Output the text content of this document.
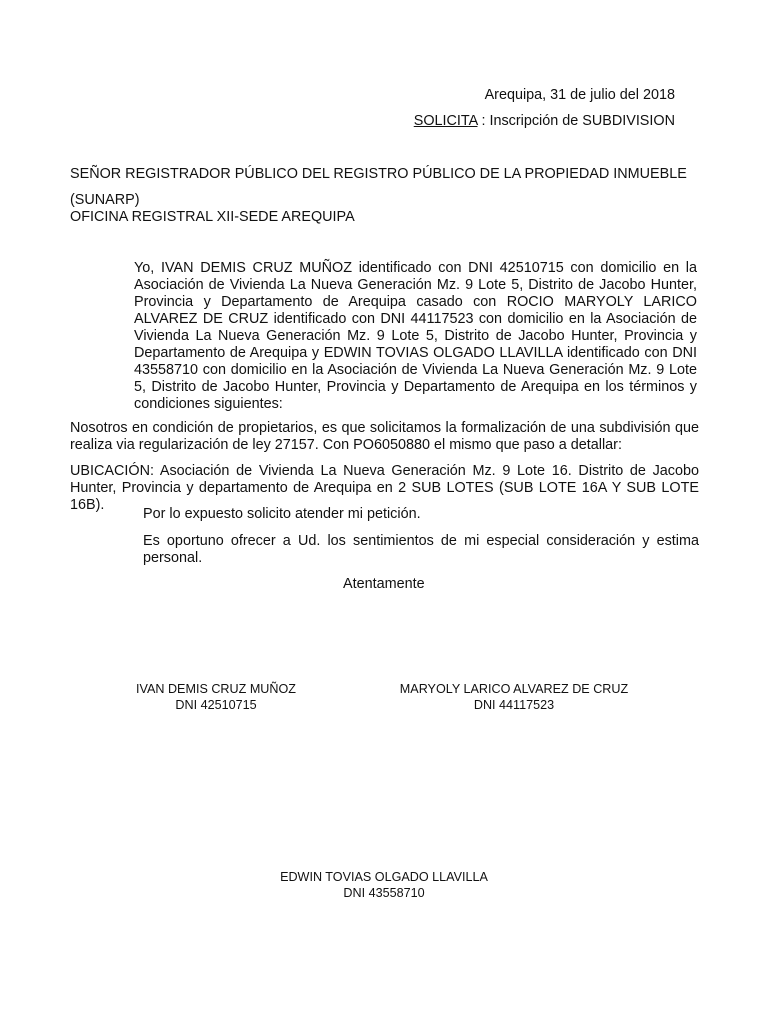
Arequipa, 31 de julio del 2018
SOLICITA : Inscripción de SUBDIVISION
SEÑOR REGISTRADOR PÚBLICO DEL REGISTRO PÚBLICO DE LA PROPIEDAD INMUEBLE
(SUNARP)
OFICINA REGISTRAL XII-SEDE AREQUIPA

Yo, IVAN DEMIS CRUZ MUÑOZ identificado con DNI 42510715 con domicilio en la Asociación de Vivienda La Nueva Generación Mz. 9 Lote 5, Distrito de Jacobo Hunter, Provincia y Departamento de Arequipa casado con ROCIO MARYOLY LARICO ALVAREZ DE CRUZ identificado con DNI 44117523 con domicilio en la Asociación de Vivienda La Nueva Generación Mz. 9 Lote 5, Distrito de Jacobo Hunter, Provincia y Departamento de Arequipa y EDWIN TOVIAS OLGADO LLAVILLA identificado con DNI 43558710 con domicilio en la Asociación de Vivienda La Nueva Generación Mz. 9 Lote 5, Distrito de Jacobo Hunter, Provincia y Departamento de Arequipa en los términos y condiciones siguientes:

Nosotros en condición de propietarios, es que solicitamos la formalización de una subdivisión que realiza via regularización de ley 27157. Con PO6050880 el mismo que paso a detallar:

UBICACIÓN: Asociación de Vivienda La Nueva Generación Mz. 9 Lote 16. Distrito de Jacobo Hunter, Provincia y departamento de Arequipa en 2 SUB LOTES (SUB LOTE 16A Y SUB LOTE 16B).

Por lo expuesto solicito atender mi petición.

Es oportuno ofrecer a Ud. los sentimientos de mi especial consideración y estima personal.

Atentamente
IVAN DEMIS CRUZ MUÑOZ
DNI 42510715
MARYOLY LARICO ALVAREZ DE CRUZ
DNI 44117523
EDWIN TOVIAS OLGADO LLAVILLA
DNI 43558710
